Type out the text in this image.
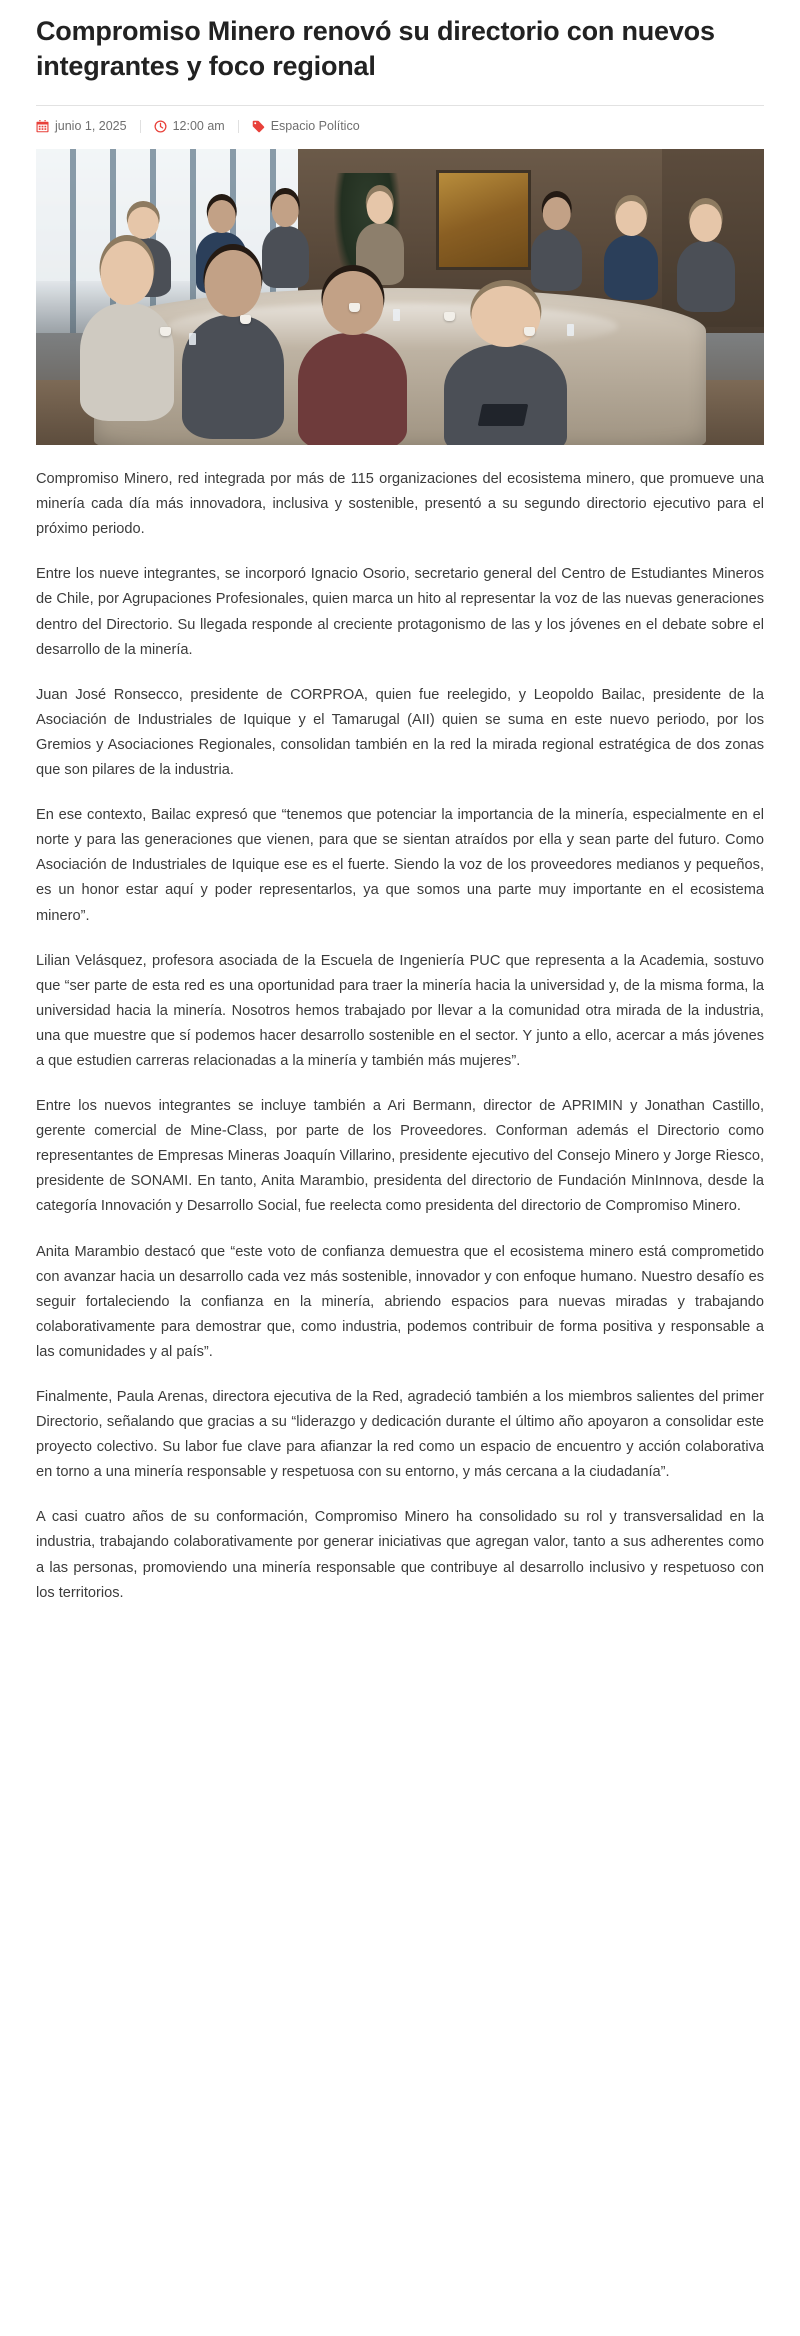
Compromiso Minero renovó su directorio con nuevos integrantes y foco regional
junio 1, 2025	12:00 am	Espacio Político

Compromiso Minero, red integrada por más de 115 organizaciones del ecosistema minero, que promueve una minería cada día más innovadora, inclusiva y sostenible, presentó a su segundo directorio ejecutivo para el próximo periodo.

Entre los nueve integrantes, se incorporó Ignacio Osorio, secretario general del Centro de Estudiantes Mineros de Chile, por Agrupaciones Profesionales, quien marca un hito al representar la voz de las nuevas generaciones dentro del Directorio. Su llegada responde al creciente protagonismo de las y los jóvenes en el debate sobre el desarrollo de la minería.

Juan José Ronsecco, presidente de CORPROA, quien fue reelegido, y Leopoldo Bailac, presidente de la Asociación de Industriales de Iquique y el Tamarugal (AII) quien se suma en este nuevo periodo, por los Gremios y Asociaciones Regionales, consolidan también en la red la mirada regional estratégica de dos zonas que son pilares de la industria.

En ese contexto, Bailac expresó que “tenemos que potenciar la importancia de la minería, especialmente en el norte y para las generaciones que vienen, para que se sientan atraídos por ella y sean parte del futuro. Como Asociación de Industriales de Iquique ese es el fuerte. Siendo la voz de los proveedores medianos y pequeños, es un honor estar aquí y poder representarlos, ya que somos una parte muy importante en el ecosistema minero”.

Lilian Velásquez, profesora asociada de la Escuela de Ingeniería PUC que representa a la Academia, sostuvo que “ser parte de esta red es una oportunidad para traer la minería hacia la universidad y, de la misma forma, la universidad hacia la minería. Nosotros hemos trabajado por llevar a la comunidad otra mirada de la industria, una que muestre que sí podemos hacer desarrollo sostenible en el sector. Y junto a ello, acercar a más jóvenes a que estudien carreras relacionadas a la minería y también más mujeres”.

Entre los nuevos integrantes se incluye también a Ari Bermann, director de APRIMIN y Jonathan Castillo, gerente comercial de Mine-Class, por parte de los Proveedores. Conforman además el Directorio como representantes de Empresas Mineras Joaquín Villarino, presidente ejecutivo del Consejo Minero y Jorge Riesco, presidente de SONAMI. En tanto, Anita Marambio, presidenta del directorio de Fundación MinInnova, desde la categoría Innovación y Desarrollo Social, fue reelecta como presidenta del directorio de Compromiso Minero.

Anita Marambio destacó que “este voto de confianza demuestra que el ecosistema minero está comprometido con avanzar hacia un desarrollo cada vez más sostenible, innovador y con enfoque humano. Nuestro desafío es seguir fortaleciendo la confianza en la minería, abriendo espacios para nuevas miradas y trabajando colaborativamente para demostrar que, como industria, podemos contribuir de forma positiva y responsable a las comunidades y al país”.

Finalmente, Paula Arenas, directora ejecutiva de la Red, agradeció también a los miembros salientes del primer Directorio, señalando que gracias a su “liderazgo y dedicación durante el último año apoyaron a consolidar este proyecto colectivo. Su labor fue clave para afianzar la red como un espacio de encuentro y acción colaborativa en torno a una minería responsable y respetuosa con su entorno, y más cercana a la ciudadanía”.

A casi cuatro años de su conformación, Compromiso Minero ha consolidado su rol y transversalidad en la industria, trabajando colaborativamente por generar iniciativas que agregan valor, tanto a sus adherentes como a las personas, promoviendo una minería responsable que contribuye al desarrollo inclusivo y respetuoso con los territorios.
